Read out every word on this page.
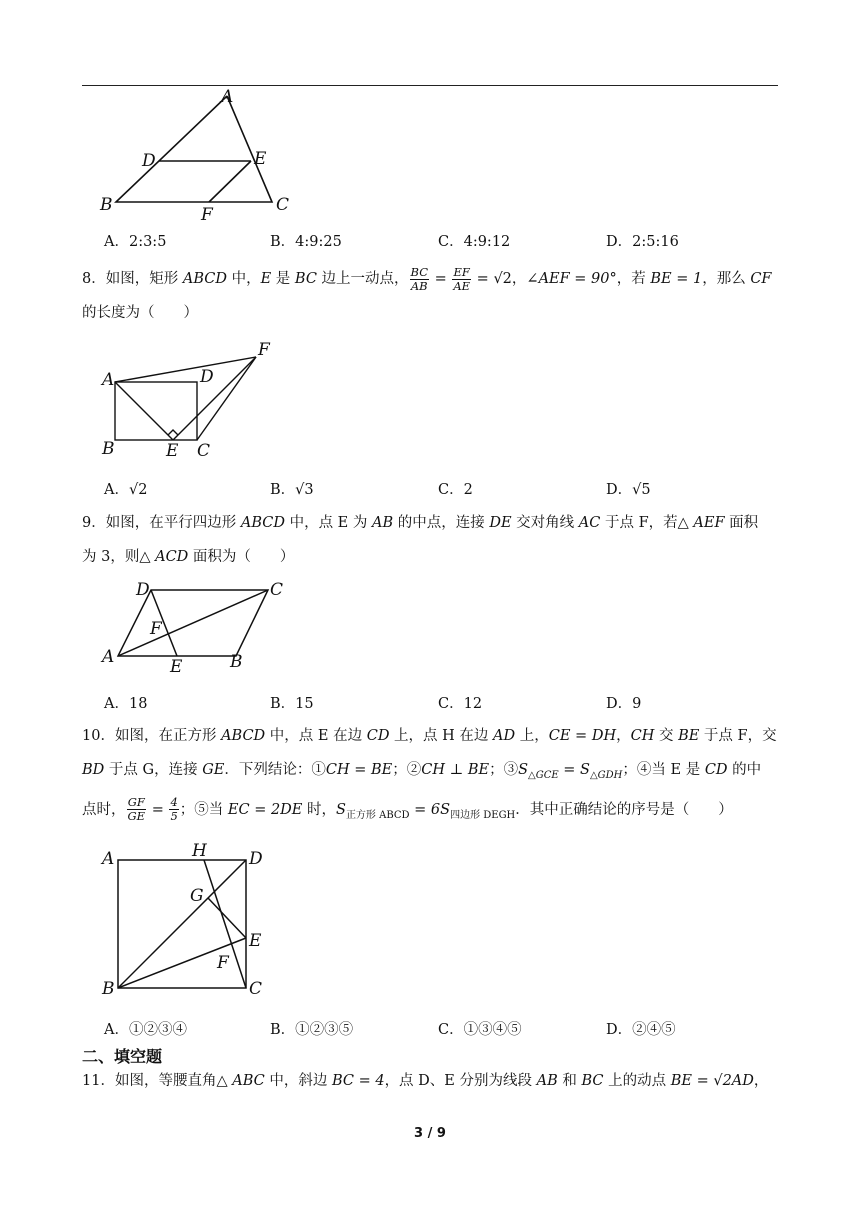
A
B	C
D	E
F
A．2:3:5	B．4:9:25	C．4:9:12	D．2:5:16
8．如图，矩形 ABCD 中，E 是 BC 边上一动点， $\frac{BC}{AB} = \frac{EF}{AE} = √2$，∠AEF = 90°，若 BE = 1，那么 CF
的长度为（　　）
A	D
B	E C
F
A．√2	B．√3	C．2	D．√5
9．如图，在平行四边形 ABCD 中，点 E 为 AB 的中点，连接 DE 交对角线 AC 于点 F，若△ AEF 面积
为 3，则△ ACD 面积为（　　）
D	C
F
A	E	B
A．18	B．15	C．12	D．9
10．如图，在正方形 ABCD 中，点 E 在边 CD 上，点 H 在边 AD 上，CE = DH，CH 交 BE 于点 F，交
BD 于点 G，连接 GE．下列结论：①CH = BE；②CH ⊥ BE；$③S_{\triangle GCE} = S_{\triangle GDH}$；④当 E 是 CD 的中
点时， $\frac{GF}{GE} = \frac{4}{5}$ ；⑤当 EC = 2DE 时，$S_{正方形 ABCD} = 6S_{四边形 DEGH}$．其中正确结论的序号是（　　）
A	H D
G
E
F
B	C
A．①②③④	B．①②③⑤	C．①③④⑤	D．②④⑤
二、填空题
11．如图，等腰直角△ ABC 中，斜边 BC = 4，点 D、E 分别为线段 AB 和 BC 上的动点 BE = √2AD，
3 / 9
